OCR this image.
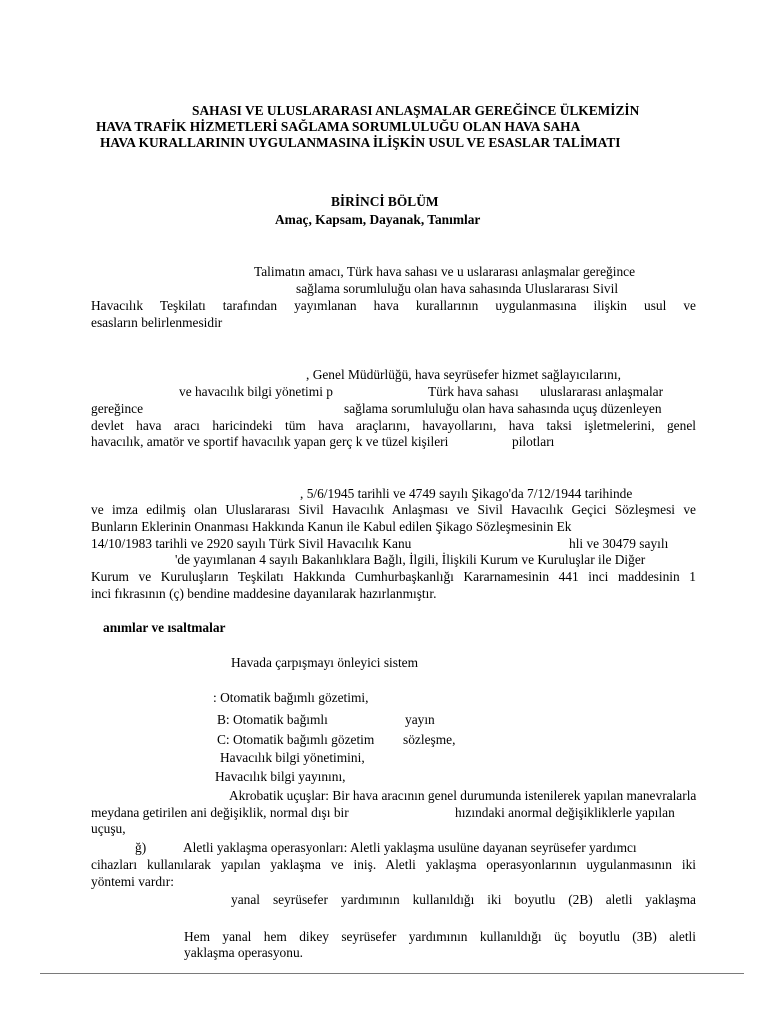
SAHASI VE ULUSLARARASI ANLAŞMALAR GEREĞİNCE ÜLKEMİZİN
HAVA TRAFİK HİZMETLERİ SAĞLAMA SORUMLULUĞU OLAN HAVA SAHA
HAVA KURALLARININ UYGULANMASINA İLİŞKİN USUL VE ESASLAR TALİMATI
BİRİNCİ BÖLÜM
Amaç, Kapsam, Dayanak, Tanımlar
Talimatın amacı, Türk hava sahası ve u uslararası anlaşmalar gereğince
sağlama sorumluluğu olan hava sahasında Uluslararası Sivil
Havacılık Teşkilatı tarafından yayımlanan hava kurallarının uygulanmasına ilişkin usul ve
esasların belirlenmesidir
, Genel Müdürlüğü, hava seyrüsefer hizmet sağlayıcılarını,
ve havacılık bilgi yönetimi p	Türk hava sahası uluslararası anlaşmalar
gereğince	sağlama sorumluluğu olan hava sahasında uçuş düzenleyen
devlet hava aracı haricindeki tüm hava araçlarını, havayollarını, hava taksi işletmelerini, genel
havacılık, amatör ve sportif havacılık yapan gerç k ve tüzel kişileri	pilotları
, 5/6/1945 tarihli ve 4749 sayılı Şikago'da 7/12/1944 tarihinde
ve imza edilmiş olan Uluslararası Sivil Havacılık Anlaşması ve Sivil Havacılık Geçici Sözleşmesi ve
Bunların Eklerinin Onanması Hakkında Kanun ile Kabul edilen Şikago Sözleşmesinin Ek
14/10/1983 tarihli ve 2920 sayılı Türk Sivil Havacılık Kanu	hli ve 30479 sayılı
'de yayımlanan 4 sayılı Bakanlıklara Bağlı, İlgili, İlişkili Kurum ve Kuruluşlar ile Diğer
Kurum ve Kuruluşların Teşkilatı Hakkında Cumhurbaşkanlığı Kararnamesinin 441 inci maddesinin 1
inci fıkrasının (ç) bendine maddesine dayanılarak hazırlanmıştır.
anımlar ve ısaltmalar
Havada çarpışmayı önleyici sistem
: Otomatik bağımlı gözetimi,
B: Otomatik bağımlı	yayın
C: Otomatik bağımlı gözetim sözleşme,
Havacılık bilgi yönetimini,
Havacılık bilgi yayınını,
Akrobatik uçuşlar: Bir hava aracının genel durumunda istenilerek yapılan manevralarla
meydana getirilen ani değişiklik, normal dışı bir	hızındaki anormal değişikliklerle yapılan
uçuşu,
ğ)	Aletli yaklaşma operasyonları: Aletli yaklaşma usulüne dayanan seyrüsefer yardımcı
cihazları kullanılarak yapılan yaklaşma ve iniş. Aletli yaklaşma operasyonlarının uygulanmasının iki
yöntemi vardır:
yanal seyrüsefer yardımının kullanıldığı iki boyutlu (2B) aletli yaklaşma
Hem yanal hem dikey seyrüsefer yardımının kullanıldığı üç boyutlu (3B) aletli
yaklaşma operasyonu.
